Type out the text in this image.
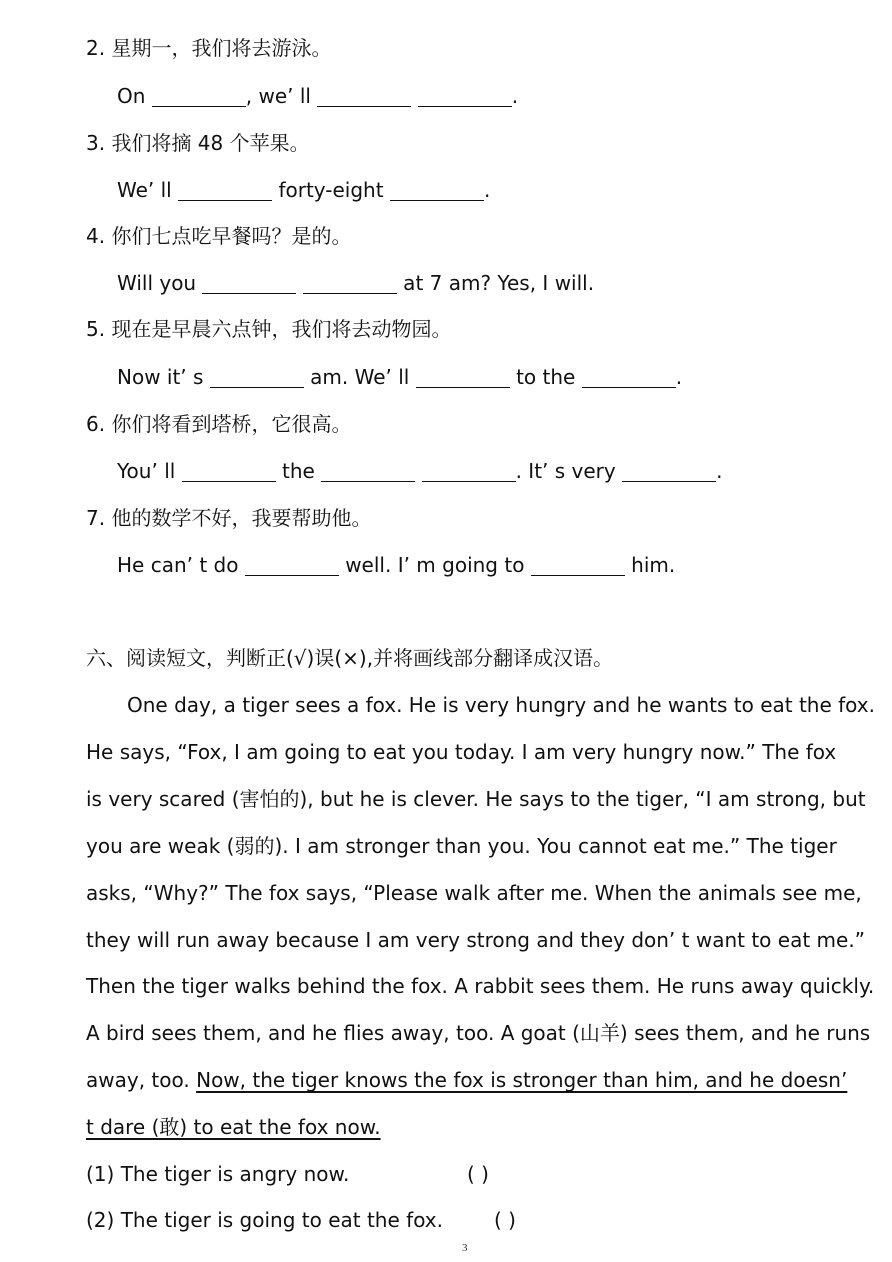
2. 星期一，我们将去游泳。
On	, we’ ll	.
3. 我们将摘 48 个苹果。
We’ ll	forty-eight	.
4. 你们七点吃早餐吗？是的。
Will you	at 7 am? Yes, I will.
5. 现在是早晨六点钟，我们将去动物园。
Now it’ s	am. We’ ll	to the	.
6. 你们将看到塔桥，它很高。
You’ ll	the	. It’ s very	.
7. 他的数学不好，我要帮助他。
He can’ t do	well. I’ m going to	him.
六、阅读短文，判断正(√)误(×),并将画线部分翻译成汉语。
One day, a tiger sees a fox. He is very hungry and he wants to eat the fox.
He says, “Fox, I am going to eat you today. I am very hungry now.” The fox
is very scared (害怕的), but he is clever. He says to the tiger, “I am strong, but
you are weak (弱的). I am stronger than you. You cannot eat me.” The tiger
asks, “Why?” The fox says, “Please walk after me. When the animals see me,
they will run away because I am very strong and they don’ t want to eat me.”
Then the tiger walks behind the fox. A rabbit sees them. He runs away quickly.
A bird sees them, and he flies away, too. A goat (山羊) sees them, and he runs
away, too. Now, the tiger knows the fox is stronger than him, and he doesn’
t dare (敢) to eat the fox now.
(1) The tiger is angry now.	( )
(2) The tiger is going to eat the fox.	( )
3
